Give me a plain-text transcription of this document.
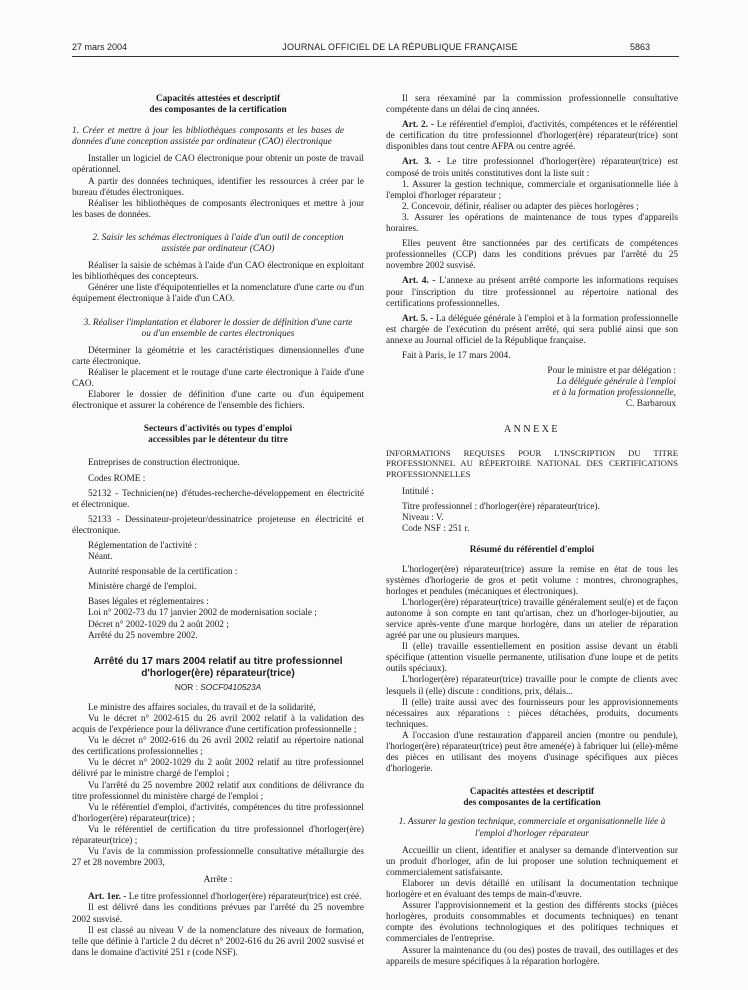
27 mars 2004	JOURNAL OFFICIEL DE LA RÉPUBLIQUE FRANÇAISE	5863

Capacités attestées et descriptif

des composantes de la certification

1. Créer et mettre à jour les bibliothèques composants et les bases de données d'une conception assistée par ordinateur (CAO) électronique

Installer un logiciel de CAO électronique pour obtenir un poste de travail opérationnel.

A partir des données techniques, identifier les ressources à créer par le bureau d'études électroniques.

Réaliser les bibliothèques de composants électroniques et mettre à jour les bases de données.

2. Saisir les schémas électroniques à l'aide d'un outil de conception assistée par ordinateur (CAO)

Réaliser la saisie de schémas à l'aide d'un CAO électronique en exploitant les bibliothèques des concepteurs.

Générer une liste d'équipotentielles et la nomenclature d'une carte ou d'un équipement électronique à l'aide d'un CAO.

3. Réaliser l'implantation et élaborer le dossier de définition d'une carte ou d'un ensemble de cartes électroniques

Déterminer la géométrie et les caractéristiques dimensionnelles d'une carte électronique.

Réaliser le placement et le routage d'une carte électronique à l'aide d'une CAO.

Elaborer le dossier de définition d'une carte ou d'un équipement électronique et assurer la cohérence de l'ensemble des fichiers.

Secteurs d'activités ou types d'emploi

accessibles par le détenteur du titre

Entreprises de construction électronique.

Codes ROME :

52132 - Technicien(ne) d'études-recherche-développement en électricité et électronique.

52133 - Dessinateur-projeteur/dessinatrice projeteuse en électricité et électronique.

Réglementation de l'activité :

Néant.

Autorité responsable de la certification :

Ministère chargé de l'emploi.

Bases légales et réglementaires :

Loi n° 2002-73 du 17 janvier 2002 de modernisation sociale ;

Décret n° 2002-1029 du 2 août 2002 ;

Arrêté du 25 novembre 2002.

Arrêté du 17 mars 2004 relatif au titre professionnel d'horloger(ère) réparateur(trice)

NOR : SOCF0410523A

Le ministre des affaires sociales, du travail et de la solidarité,

Vu le décret n° 2002-615 du 26 avril 2002 relatif à la validation des acquis de l'expérience pour la délivrance d'une certification professionnelle ;

Vu le décret n° 2002-616 du 26 avril 2002 relatif au répertoire national des certifications professionnelles ;

Vu le décret n° 2002-1029 du 2 août 2002 relatif au titre professionnel délivré par le ministre chargé de l'emploi ;

Vu l'arrêté du 25 novembre 2002 relatif aux conditions de délivrance du titre professionnel du ministère chargé de l'emploi ;

Vu le référentiel d'emploi, d'activités, compétences du titre professionnel d'horloger(ère) réparateur(trice) ;

Vu le référentiel de certification du titre professionnel d'horloger(ère) réparateur(trice) ;

Vu l'avis de la commission professionnelle consultative métallurgie des 27 et 28 novembre 2003,

Arrête :

Art. 1er. - Le titre professionnel d'horloger(ère) réparateur(trice) est créé.

Il est délivré dans les conditions prévues par l'arrêté du 25 novembre 2002 susvisé.

Il est classé au niveau V de la nomenclature des niveaux de formation, telle que définie à l'article 2 du décret n° 2002-616 du 26 avril 2002 susvisé et dans le domaine d'activité 251 r (code NSF).

Il sera réexaminé par la commission professionnelle consultative compétente dans un délai de cinq années.

Art. 2. - Le référentiel d'emploi, d'activités, compétences et le référentiel de certification du titre professionnel d'horloger(ère) réparateur(trice) sont disponibles dans tout centre AFPA ou centre agréé.

Art. 3. - Le titre professionnel d'horloger(ère) réparateur(trice) est composé de trois unités constitutives dont la liste suit :

1. Assurer la gestion technique, commerciale et organisationnelle liée à l'emploi d'horloger réparateur ;

2. Concevoir, définir, réaliser ou adapter des pièces horlogères ;

3. Assurer les opérations de maintenance de tous types d'appareils horaires.

Elles peuvent être sanctionnées par des certificats de compétences professionnelles (CCP) dans les conditions prévues par l'arrêté du 25 novembre 2002 susvisé.

Art. 4. - L'annexe au présent arrêté comporte les informations requises pour l'inscription du titre professionnel au répertoire national des certifications professionnelles.

Art. 5. - La déléguée générale à l'emploi et à la formation professionnelle est chargée de l'exécution du présent arrêté, qui sera publié ainsi que son annexe au Journal officiel de la République française.

Fait à Paris, le 17 mars 2004.

Pour le ministre et par délégation :

La déléguée générale à l'emploi

et à la formation professionnelle,

C. Barbaroux

ANNEXE

INFORMATIONS REQUISES POUR L'INSCRIPTION DU TITRE PROFESSIONNEL AU RÉPERTOIRE NATIONAL DES CERTIFICATIONS PROFESSIONNELLES

Intitulé :

Titre professionnel : d'horloger(ère) réparateur(trice).

Niveau : V.

Code NSF : 251 r.

Résumé du référentiel d'emploi

L'horloger(ère) réparateur(trice) assure la remise en état de tous les systèmes d'horlogerie de gros et petit volume : montres, chronographes, horloges et pendules (mécaniques et électroniques).

L'horloger(ère) réparateur(trice) travaille généralement seul(e) et de façon autonome à son compte en tant qu'artisan, chez un d'horloger-bijoutier, au service après-vente d'une marque horlogère, dans un atelier de réparation agréé par une ou plusieurs marques.

Il (elle) travaille essentiellement en position assise devant un établi spécifique (attention visuelle permanente, utilisation d'une loupe et de petits outils spéciaux).

L'horloger(ère) réparateur(trice) travaille pour le compte de clients avec lesquels il (elle) discute : conditions, prix, délais...

Il (elle) traite aussi avec des fournisseurs pour les approvisionnements nécessaires aux réparations : pièces détachées, produits, documents techniques.

A l'occasion d'une restauration d'appareil ancien (montre ou pendule), l'horloger(ère) réparateur(trice) peut être amené(e) à fabriquer lui (elle)-même des pièces en utilisant des moyens d'usinage spécifiques aux pièces d'horlogerie.

Capacités attestées et descriptif

des composantes de la certification

1. Assurer la gestion technique, commerciale et organisationnelle liée à l'emploi d'horloger réparateur

Accueillir un client, identifier et analyser sa demande d'intervention sur un produit d'horloger, afin de lui proposer une solution techniquement et commercialement satisfaisante.

Elaborer un devis détaillé en utilisant la documentation technique horlogère et en évaluant des temps de main-d'œuvre.

Assurer l'approvisionnement et la gestion des différents stocks (pièces horlogères, produits consommables et documents techniques) en tenant compte des évolutions technologiques et des politiques techniques et commerciales de l'entreprise.

Assurer la maintenance du (ou des) postes de travail, des outillages et des appareils de mesure spécifiques à la réparation horlogère.
